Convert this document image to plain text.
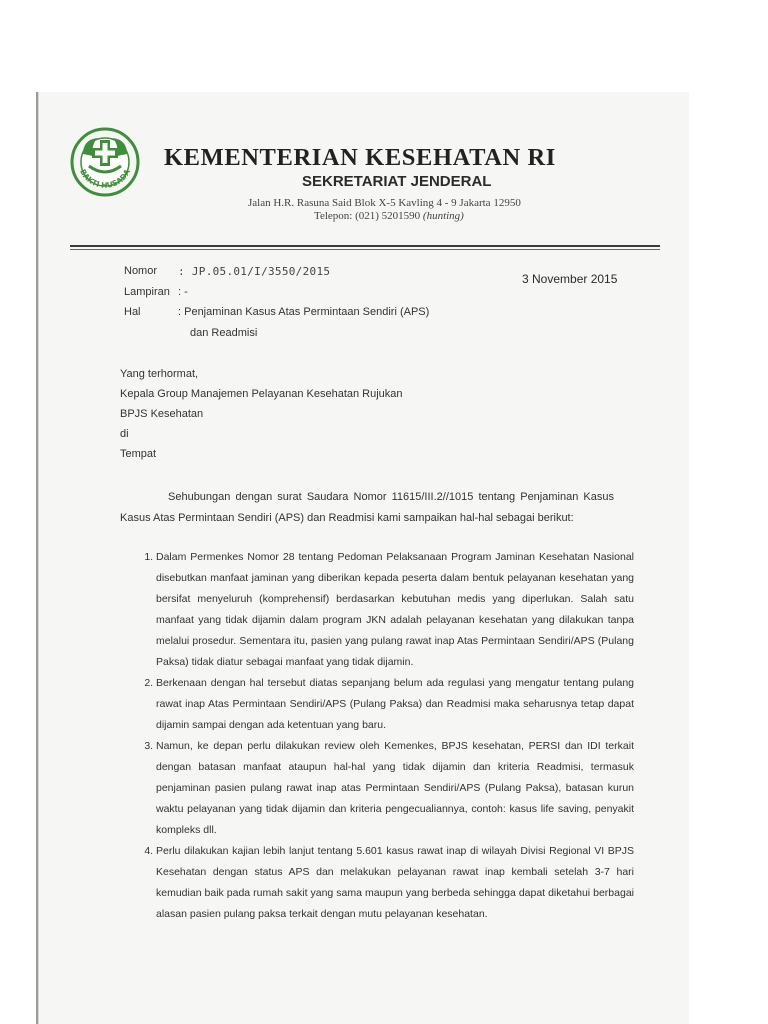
BAKTI HUSADA
KEMENTERIAN KESEHATAN RI
SEKRETARIAT JENDERAL
Jalan H.R. Rasuna Said Blok X-5 Kavling 4 - 9 Jakarta 12950
Telepon: (021) 5201590 (hunting)
Nomor : JP.05.01/I/3550/2015
3 November 2015
Lampiran : -
Hal	: Penjaminan Kasus Atas Permintaan Sendiri (APS)
dan Readmisi
Yang terhormat,
Kepala Group Manajemen Pelayanan Kesehatan Rujukan
BPJS Kesehatan
di
Tempat
Sehubungan dengan surat Saudara Nomor 11615/III.2//1015 tentang Penjaminan Kasus Kasus Atas Permintaan Sendiri (APS) dan Readmisi kami sampaikan hal-hal sebagai berikut:
1. Dalam Permenkes Nomor 28 tentang Pedoman Pelaksanaan Program Jaminan Kesehatan Nasional disebutkan manfaat jaminan yang diberikan kepada peserta dalam bentuk pelayanan kesehatan yang bersifat menyeluruh (komprehensif) berdasarkan kebutuhan medis yang diperlukan. Salah satu manfaat yang tidak dijamin dalam program JKN adalah pelayanan kesehatan yang dilakukan tanpa melalui prosedur. Sementara itu, pasien yang pulang rawat inap Atas Permintaan Sendiri/APS (Pulang Paksa) tidak diatur sebagai manfaat yang tidak dijamin.
2. Berkenaan dengan hal tersebut diatas sepanjang belum ada regulasi yang mengatur tentang pulang rawat inap Atas Permintaan Sendiri/APS (Pulang Paksa) dan Readmisi maka seharusnya tetap dapat dijamin sampai dengan ada ketentuan yang baru.
3. Namun, ke depan perlu dilakukan review oleh Kemenkes, BPJS kesehatan, PERSI dan IDI terkait dengan batasan manfaat ataupun hal-hal yang tidak dijamin dan kriteria Readmisi, termasuk penjaminan pasien pulang rawat inap atas Permintaan Sendiri/APS (Pulang Paksa), batasan kurun waktu pelayanan yang tidak dijamin dan kriteria pengecualiannya, contoh: kasus life saving, penyakit kompleks dll.
4. Perlu dilakukan kajian lebih lanjut tentang 5.601 kasus rawat inap di wilayah Divisi Regional VI BPJS Kesehatan dengan status APS dan melakukan pelayanan rawat inap kembali setelah 3-7 hari kemudian baik pada rumah sakit yang sama maupun yang berbeda sehingga dapat diketahui berbagai alasan pasien pulang paksa terkait dengan mutu pelayanan kesehatan.
